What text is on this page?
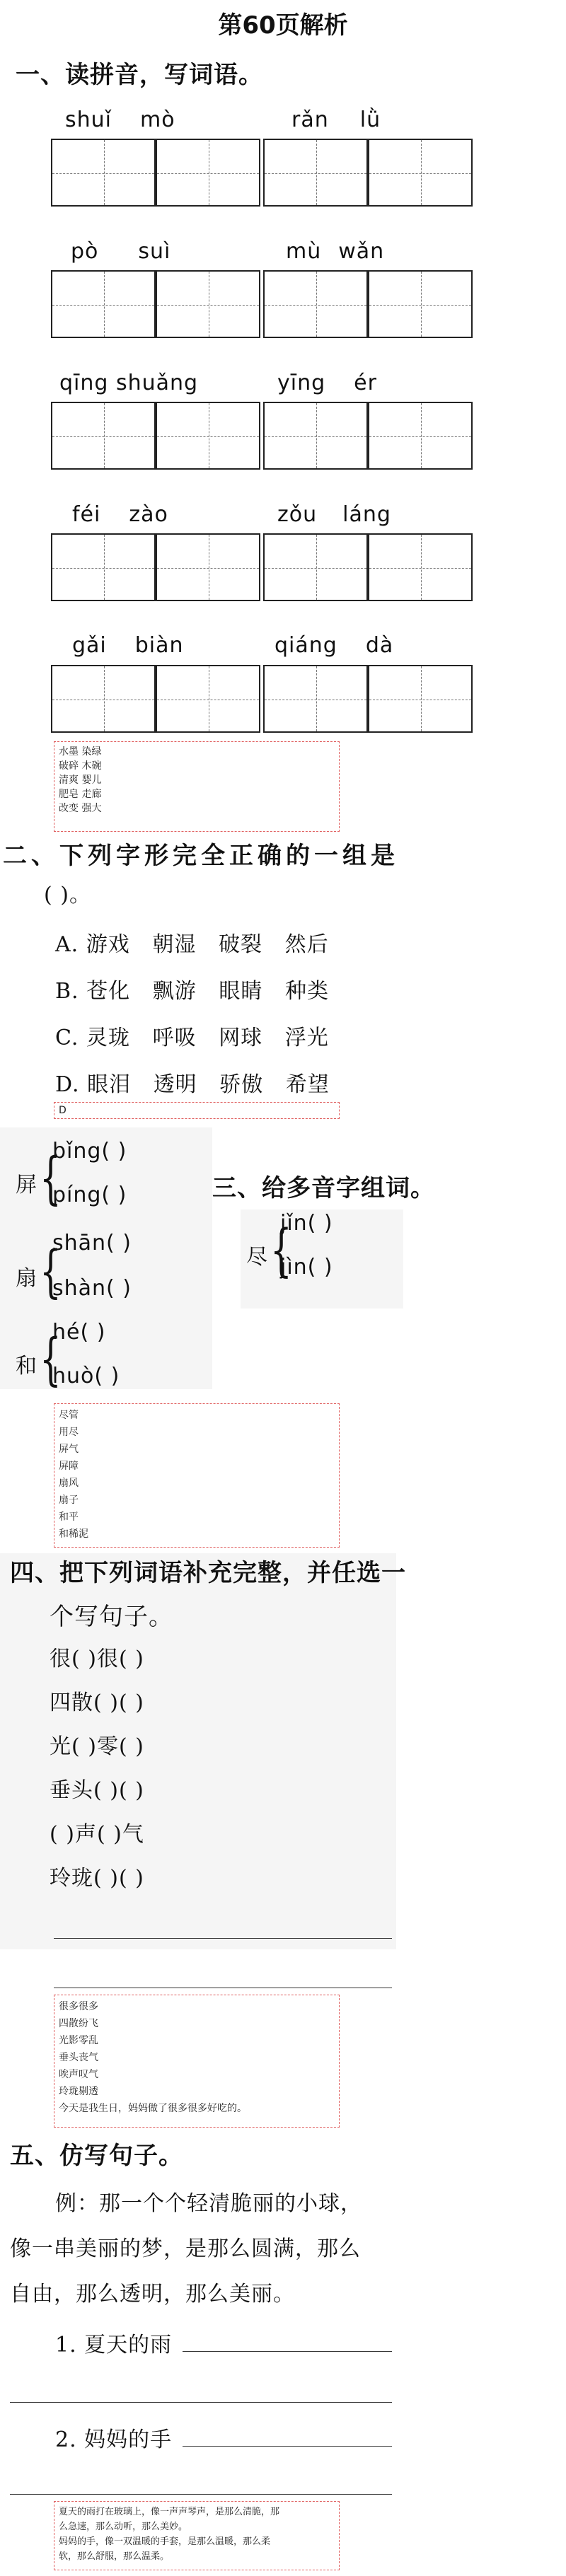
第60页解析
一、读拼音，写词语。
shuǐ mò	rǎn lǜ
pò suì	mù wǎn
qīng shuǎng	yīng ér
féi zào	zǒu láng
gǎi biàn	qiáng dà
水墨 染绿
破碎 木碗
清爽 婴儿
肥皂 走廊
改变 强大
二、下列字形完全正确的一组是
( )。
A. 游戏 朝湿 破裂 然后
B. 苍化 飘游 眼睛 种类
C. 灵珑 呼吸 网球 浮光
D. 眼泪 透明 骄傲 希望
D
屏 {
bǐng( )
píng( )
扇 {
shān( )
shàn( )
和 {
hé( )
huò( )
三、给多音字组词。
尽 {
jǐn( )
jìn( )
尽管
用尽
屏气
屏障
扇风
扇子
和平
和稀泥
四、把下列词语补充完整，并任选一
个写句子。
很( )很( )
四散( )( )
光( )零( )
垂头( )( )
( )声( )气
玲珑( )( )
很多很多
四散纷飞
光影零乱
垂头丧气
唉声叹气
玲珑剔透
今天是我生日，妈妈做了很多很多好吃的。
五、仿写句子。
例：那一个个轻清脆丽的小球，
像一串美丽的梦，是那么圆满，那么
自由，那么透明，那么美丽。
1. 夏天的雨
2. 妈妈的手
夏天的雨打在玻璃上，像一声声琴声，是那么清脆，那
么急速，那么动听，那么美妙。
妈妈的手，像一双温暖的手套，是那么温暖，那么柔
软，那么舒服，那么温柔。
